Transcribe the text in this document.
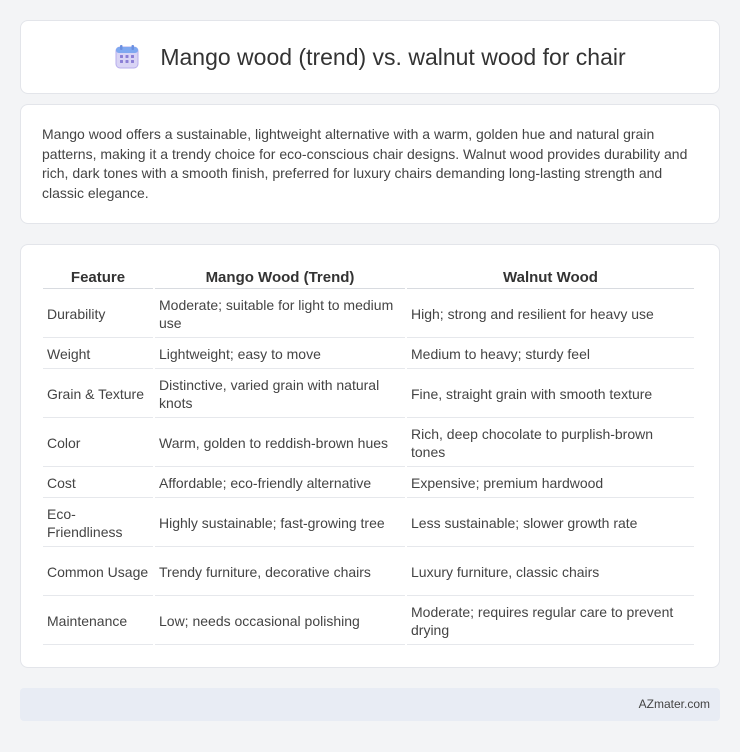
Mango wood (trend) vs. walnut wood for chair

Mango wood offers a sustainable, lightweight alternative with a warm, golden hue and natural grain patterns, making it a trendy choice for eco-conscious chair designs. Walnut wood provides durability and rich, dark tones with a smooth finish, preferred for luxury chairs demanding long-lasting strength and classic elegance.

Feature	Mango Wood (Trend)	Walnut Wood
Durability	Moderate; suitable for light to medium use	High; strong and resilient for heavy use
Weight	Lightweight; easy to move	Medium to heavy; sturdy feel
Grain & Texture	Distinctive, varied grain with natural knots	Fine, straight grain with smooth texture
Color	Warm, golden to reddish-brown hues	Rich, deep chocolate to purplish-brown tones
Cost	Affordable; eco-friendly alternative	Expensive; premium hardwood
Eco-Friendliness	Highly sustainable; fast-growing tree	Less sustainable; slower growth rate
Common Usage	Trendy furniture, decorative chairs	Luxury furniture, classic chairs
Maintenance	Low; needs occasional polishing	Moderate; requires regular care to prevent drying
AZmater.com
